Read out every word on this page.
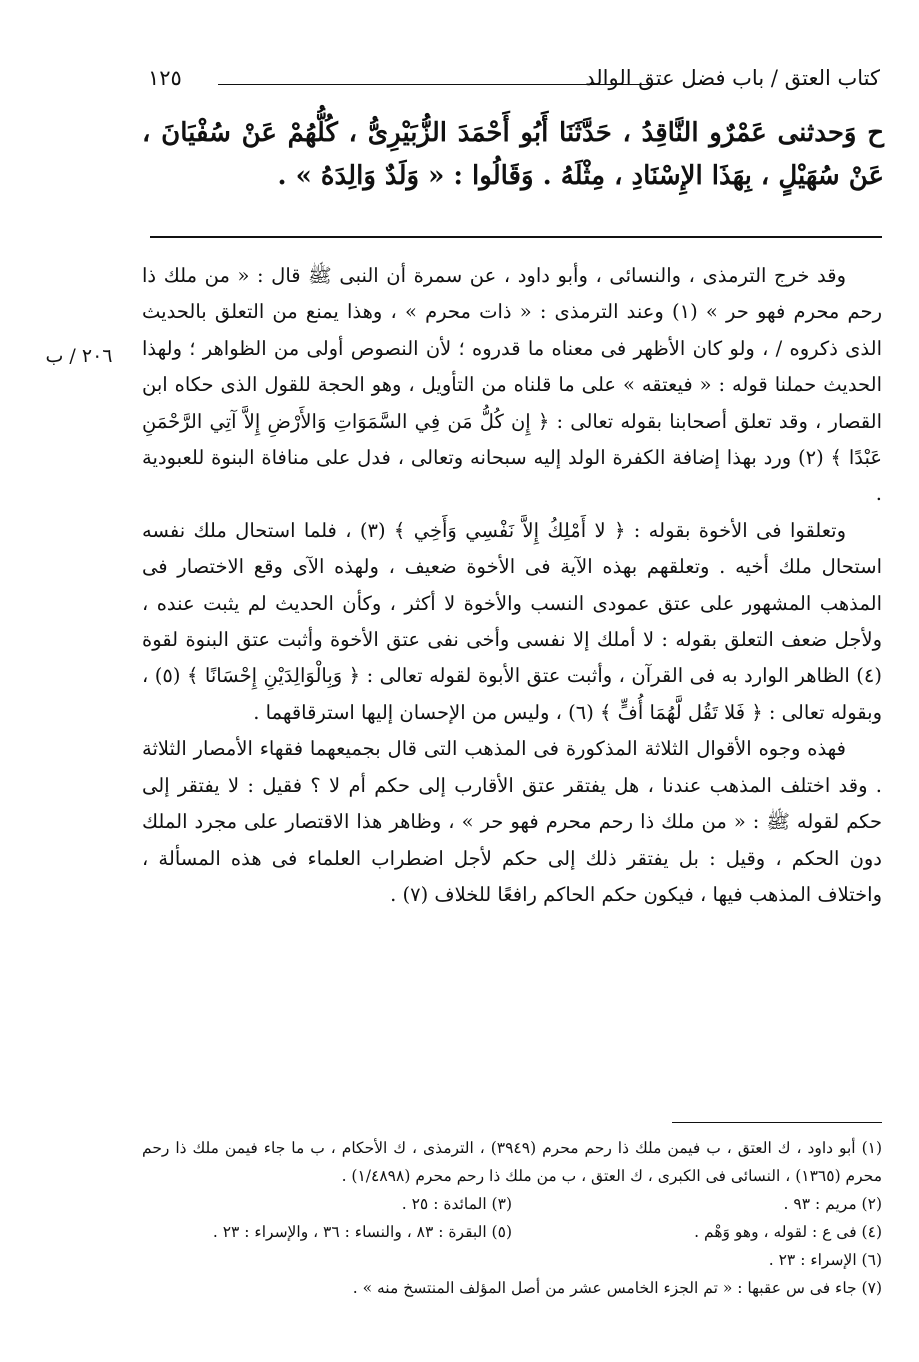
كتاب العتق / باب فضل عتق الوالد
١٢٥

ح وَحدثنى عَمْرٌو النَّاقِدُ ، حَدَّثَنَا أَبُو أَحْمَدَ الزُّبَيْرِىُّ ، كُلُّهُمْ عَنْ سُفْيَانَ ، عَنْ سُهَيْلٍ ، بِهَذَا الإِسْنَادِ ، مِثْلَهُ . وَقَالُوا : « وَلَدٌ وَالِدَهُ » .

٢٠٦ / ب

وقد خرج الترمذى ، والنسائى ، وأبو داود ، عن سمرة أن النبى ﷺ قال : « من ملك ذا رحم محرم فهو حر » (١) وعند الترمذى : « ذات محرم » ، وهذا يمنع من التعلق بالحديث الذى ذكروه / ، ولو كان الأظهر فى معناه ما قدروه ؛ لأن النصوص أولى من الظواهر ؛ ولهذا الحديث حملنا قوله : « فيعتقه » على ما قلناه من التأويل ، وهو الحجة للقول الذى حكاه ابن القصار ، وقد تعلق أصحابنا بقوله تعالى : ﴿ إِن كُلُّ مَن فِي السَّمَوَاتِ وَالأَرْضِ إِلاَّ آتِي الرَّحْمَنِ عَبْدًا ﴾ (٢) ورد بهذا إضافة الكفرة الولد إليه سبحانه وتعالى ، فدل على منافاة البنوة للعبودية .

وتعلقوا فى الأخوة بقوله : ﴿ لا أَمْلِكُ إِلاَّ نَفْسِي وَأَخِي ﴾ (٣) ، فلما استحال ملك نفسه استحال ملك أخيه . وتعلقهم بهذه الآية فى الأخوة ضعيف ، ولهذه الآى وقع الاختصار فى المذهب المشهور على عتق عمودى النسب والأخوة لا أكثر ، وكأن الحديث لم يثبت عنده ، ولأجل ضعف التعلق بقوله : لا أملك إلا نفسى وأخى نفى عتق الأخوة وأثبت عتق البنوة لقوة (٤) الظاهر الوارد به فى القرآن ، وأثبت عتق الأبوة لقوله تعالى : ﴿ وَبِالْوَالِدَيْنِ إِحْسَانًا ﴾ (٥) ، وبقوله تعالى : ﴿ فَلا تَقُل لَّهُمَا أُفٍّ ﴾ (٦) ، وليس من الإحسان إليها استرقاقهما .

فهذه وجوه الأقوال الثلاثة المذكورة فى المذهب التى قال بجميعهما فقهاء الأمصار الثلاثة . وقد اختلف المذهب عندنا ، هل يفتقر عتق الأقارب إلى حكم أم لا ؟ فقيل : لا يفتقر إلى حكم لقوله ﷺ : « من ملك ذا رحم محرم فهو حر » ، وظاهر هذا الاقتصار على مجرد الملك دون الحكم ، وقيل : بل يفتقر ذلك إلى حكم لأجل اضطراب العلماء فى هذه المسألة ، واختلاف المذهب فيها ، فيكون حكم الحاكم رافعًا للخلاف (٧) .

(١) أبو داود ، ك العتق ، ب فيمن ملك ذا رحم محرم (٣٩٤٩) ، الترمذى ، ك الأحكام ، ب ما جاء فيمن ملك ذا رحم محرم (١٣٦٥) ، النسائى فى الكبرى ، ك العتق ، ب من ملك ذا رحم محرم (١/٤٨٩٨) .

(٢) مريم : ٩٣ .
(٣) المائدة : ٢٥ .
(٤) فى ع : لقوله ، وهو وَهْم .
(٥) البقرة : ٨٣ ، والنساء : ٣٦ ، والإسراء : ٢٣ .

(٦) الإسراء : ٢٣ .

(٧) جاء فى س عقبها : « تم الجزء الخامس عشر من أصل المؤلف المنتسخ منه » .
